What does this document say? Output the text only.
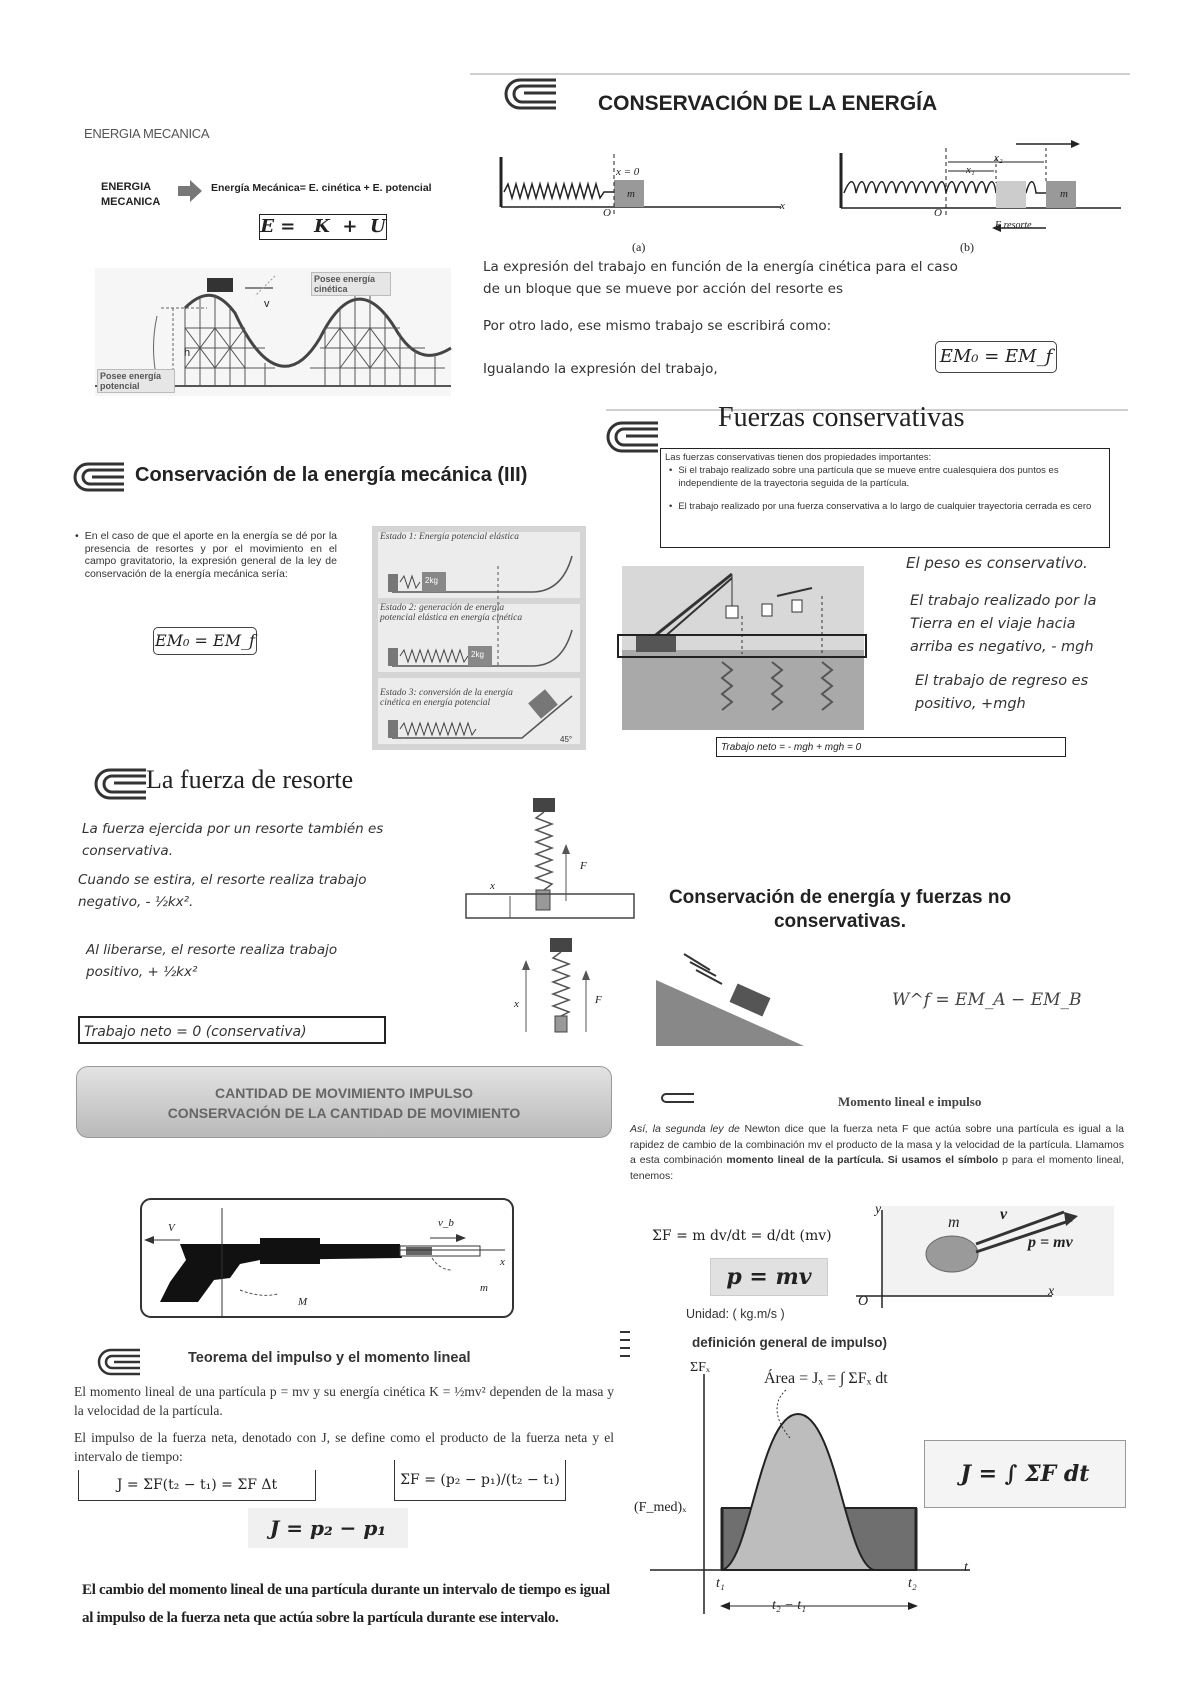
ENERGIA MECANICA
ENERGIA
MECANICA
Energía Mecánica= E. cinética + E. potencial
E =   K  +  U
h
v
Posee energía cinética
Posee energía potencial
CONSERVACIÓN DE LA ENERGÍA
x = 0
m
O
x
(a)
x₁
x₂
m
O
F resorte
(b)
La expresión del trabajo en función de la energía cinética para el caso de un bloque que se mueve por acción del resorte es
Por otro lado, ese mismo trabajo se escribirá como:
Igualando la expresión del trabajo,
EM₀ = EM_f
Fuerzas conservativas
Las fuerzas conservativas tienen dos propiedades importantes:
• Si el trabajo realizado sobre una partícula que se mueve entre cualesquiera dos puntos es independiente de la trayectoria seguida de la partícula.
• El trabajo realizado por una fuerza conservativa a lo largo de cualquier trayectoria cerrada es cero
El peso es conservativo.
El trabajo realizado por la Tierra en el viaje hacia arriba es negativo, - mgh
El trabajo de regreso es positivo, +mgh
Trabajo neto = - mgh + mgh = 0
Conservación de la energía mecánica (III)
• En el caso de que el aporte en la energía se dé por la presencia de resortes y por el movimiento en el campo gravitatorio, la expresión general de la ley de conservación de la energía mecánica sería:
EM₀ = EM_f
Estado 1: Energía potencial elástica
Estado 2: generación de energía potencial elástica en energía cinética
Estado 3: conversión de la energía cinética en energía potencial
2kg
2kg
45°
La fuerza de resorte
La fuerza ejercida por un resorte también es conservativa.
Cuando se estira, el resorte realiza trabajo negativo, - ½kx².
Al liberarse, el resorte realiza trabajo positivo, + ½kx²
Trabajo neto = 0 (conservativa)
x
F
x	F
Conservación de energía y fuerzas no conservativas.
W^f = EM_A − EM_B
CANTIDAD DE MOVIMIENTO IMPULSO
CONSERVACIÓN DE LA CANTIDAD DE MOVIMIENTO
V	v_b
x
m
M
Momento lineal e impulso
Así, la segunda ley de Newton dice que la fuerza neta F que actúa sobre una partícula es igual a la rapidez de cambio de la combinación mv el producto de la masa y la velocidad de la partícula. Llamamos a esta combinación momento lineal de la partícula. Si usamos el símbolo p para el momento lineal, tenemos:
ΣF = m dv/dt = d/dt (mv)
p = mv
Unidad: ( kg.m/s )
y
m	v
p = mv
x
O
Teorema del impulso y el momento lineal
El momento lineal de una partícula p = mv y su energía cinética K = ½mv² dependen de la masa y la velocidad de la partícula.
El impulso de la fuerza neta, denotado con J, se define como el producto de la fuerza neta y el intervalo de tiempo:
J = ΣF(t₂ − t₁) = ΣF Δt	ΣF = (p₂ − p₁)/(t₂ − t₁)
J = p₂ − p₁
El cambio del momento lineal de una partícula durante un intervalo de tiempo es igual al impulso de la fuerza neta que actúa sobre la partícula durante ese intervalo.
definición general de impulso)
ΣFₓ
Área = Jₓ = ∫ ΣFₓ dt
(F_med)ₓ
t₁	t₂
t
t₂ − t₁
J = ∫ ΣF dt
